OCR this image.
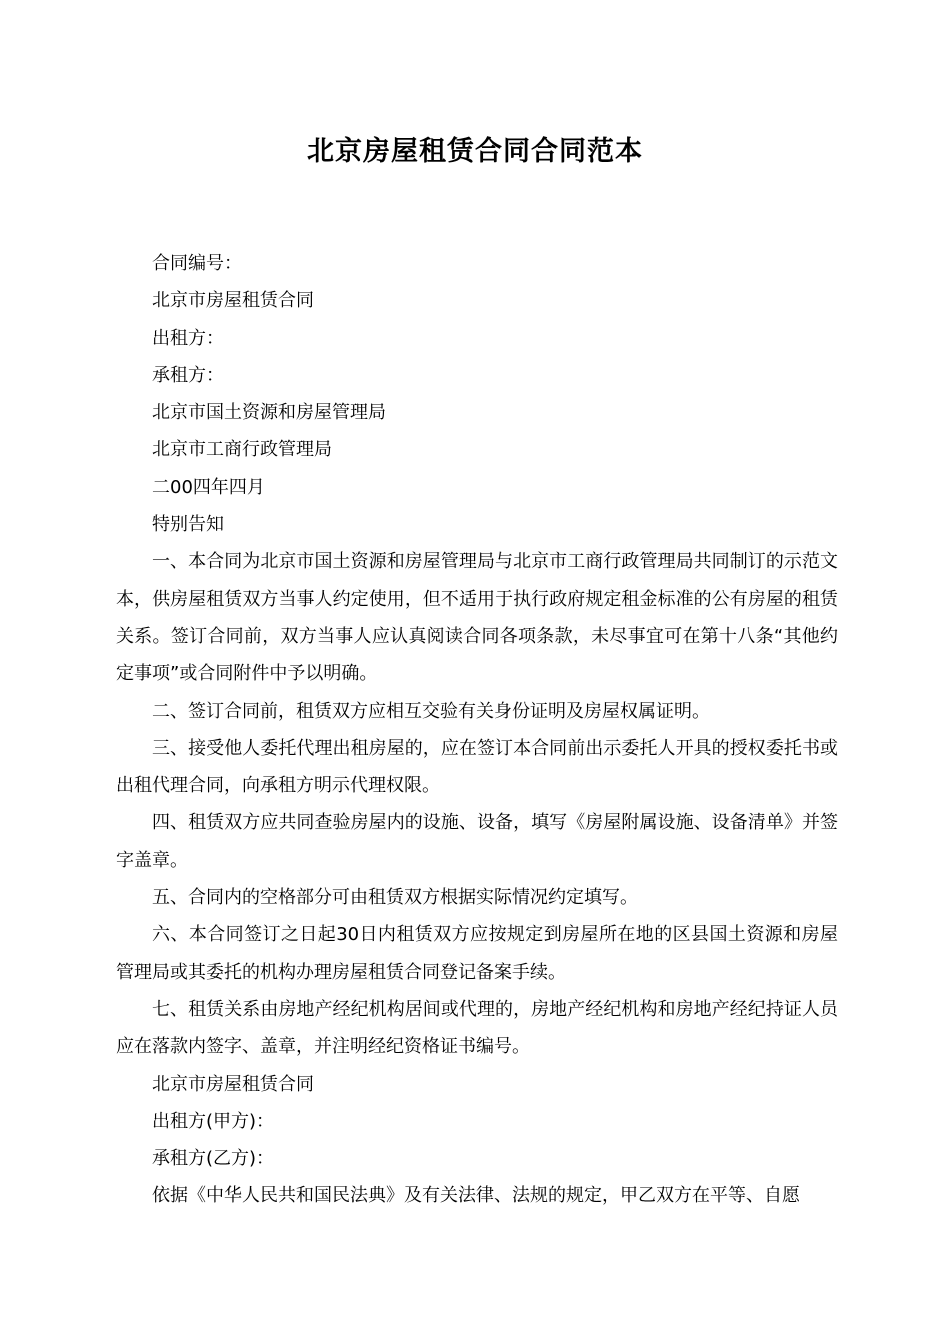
北京房屋租赁合同合同范本

合同编号：

北京市房屋租赁合同

出租方：

承租方：

北京市国土资源和房屋管理局

北京市工商行政管理局

二00四年四月

特别告知

一、本合同为北京市国土资源和房屋管理局与北京市工商行政管理局共同制订的示范文本，供房屋租赁双方当事人约定使用，但不适用于执行政府规定租金标准的公有房屋的租赁关系。签订合同前，双方当事人应认真阅读合同各项条款，未尽事宜可在第十八条“其他约定事项”或合同附件中予以明确。

二、签订合同前，租赁双方应相互交验有关身份证明及房屋权属证明。

三、接受他人委托代理出租房屋的，应在签订本合同前出示委托人开具的授权委托书或出租代理合同，向承租方明示代理权限。

四、租赁双方应共同查验房屋内的设施、设备，填写《房屋附属设施、设备清单》并签字盖章。

五、合同内的空格部分可由租赁双方根据实际情况约定填写。

六、本合同签订之日起30日内租赁双方应按规定到房屋所在地的区县国土资源和房屋管理局或其委托的机构办理房屋租赁合同登记备案手续。

七、租赁关系由房地产经纪机构居间或代理的，房地产经纪机构和房地产经纪持证人员应在落款内签字、盖章，并注明经纪资格证书编号。

北京市房屋租赁合同

出租方(甲方)：

承租方(乙方)：

依据《中华人民共和国民法典》及有关法律、法规的规定，甲乙双方在平等、自愿
